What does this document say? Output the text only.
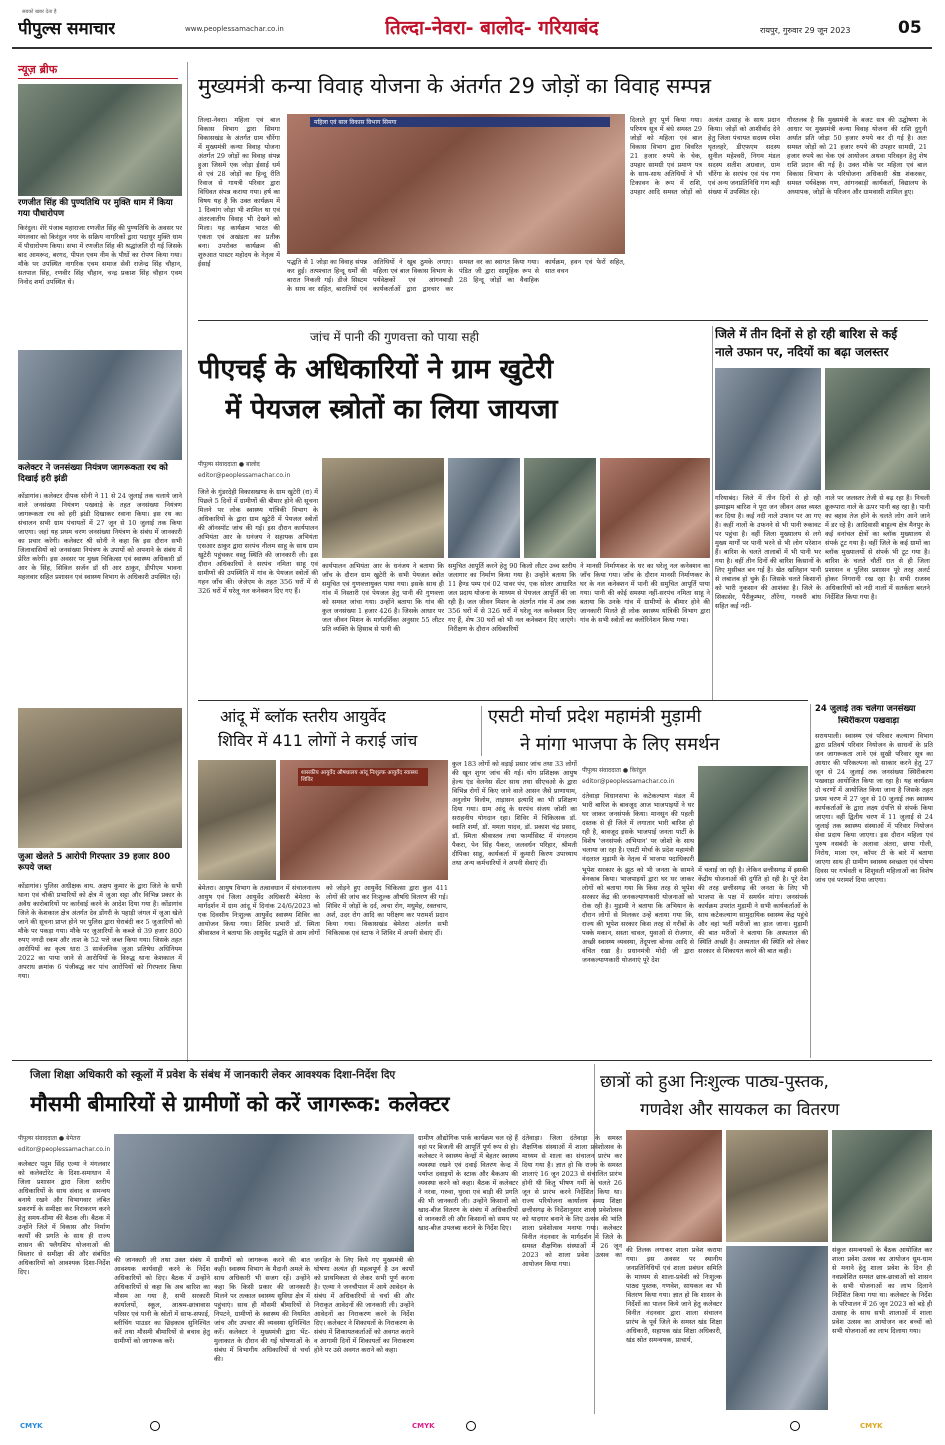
पीपुल्स समाचार
सबको खबर देता है
www.peoplessamachar.co.in	तिल्दा-नेवरा- बालोद- गरियाबंद	रायपुर, गुरुवार 29 जून 2023	05
न्यूज़ ब्रीफ
रणजीत सिंह की पुण्यतिथि पर मुक्ति धाम में किया गया पौधारोपण
किरंदुल। शेरे पंजाब महाराजा रणजीत सिंह की पुण्यतिथि के अवसर पर मंगलवार को किरंदुल नगर के सक्रिय नागरिकों द्वारा पदाधुर मुक्ति धाम में पौधारोपण किया। सभा में रणजीत सिंह की श्रद्धांजलि दी गई जिसके बाद आमरूद, बरगद, पीपल एवम नीम के पौधों का रोपण किया गया। मौके पर उपस्थित नागरिक एवम समाज सेवी राजेन्द्र सिंह चौहान, सतपाल सिंह, रणवीर सिंह चौहान, चन्द्र प्रकाश सिंह चौहान एवम निनोद शर्मा उपस्थित थे।
कलेक्टर ने जनसंख्या नियंत्रण जागरूकता रथ को दिखाई हरी झंडी
कोंडागांव। कलेक्टर दीपक सोनी ने 11 से 24 जुलाई तक चलाये जाने वाले जनसंख्या नियंत्रण पखवाड़े के तहत जनसंख्या नियंत्रण जागरूकता रथ को हरी झंडी दिखाकर रवाना किया। इस रथ का संचालन सभी ग्राम पंचायतों में 27 जून से 10 जुलाई तक किया जाएगा। जहां यह प्रथम चरण जनसंख्या नियंत्रण के संबंध में जानकारी का प्रचार करेगी। कलेक्टर श्री सोनी ने कहा कि इस दौरान सभी जिलावासियों को जनसंख्या नियंत्रण के उपायों को अपनाने के संबंध में प्रेरित करेगी। इस अवसर पर मुख्य चिकित्सा एवं स्वास्थ्य अधिकारी डॉ आर के सिंह, सिविल सर्जन डॉ सी आर ठाकुर, डीपीएम भावना महलवार सहित प्रशासन एवं स्वास्थ्य विभाग के अधिकारी उपस्थित रहें।
जुआ खेलते 5 आरोपी गिरफ्तार 39 हजार 800 रूपये जब्त
कोंडागांव। पुलिस अधीक्षक वाय. अक्षय कुमार के द्वारा जिले के सभी थाना एवं चौकी प्रभारियों को क्षेत्र में जुआ सट्टा और विभिन्न प्रकार के अवैध कारोबारियों पर कार्रवाई करने के आदेश दिया गया है। कोंडागांव जिले के केशकाल क्षेत्र अंतर्गत देव डोंगरी के पहाड़ी जंगल में जुआ खेले जाने की सूचना प्राप्त होने पर पुलिस द्वारा घेराबंदी कर 5 जुआरियों को मौके पर पकड़ा गया। मौके पर जुआरियों के कब्जे से 39 हजार 800 रुपए नगदी रकम और ताश के 52 पत्ते जब्त किया गया। जिसके तहत आरोपियों का कृत्य धारा 3 सार्वजनिक जुआ प्रतिषेध अधिनियम 2022 का पाया जाने से आरोपियों के विरुद्ध थाना केशकाल में अपराध क्रमांक 6 पंजीबद्ध कर पांच आरोपियों को गिरफ्तार किया गया।
मुख्यमंत्री कन्या विवाह योजना के अंतर्गत 29 जोड़ों का विवाह सम्पन्न
तिल्दा-नेवरा। महिला एवं बाल विकास विभाग द्वारा सिमगा विकासखंड के अंतर्गत ग्राम चौरेंगा में मुख्यमंत्री कन्या विवाह योजना अंतर्गत 29 जोड़ों का विवाह संपन्न हुआ जिसमें एक जोड़ा ईसाई धर्म से एवं 28 जोड़ों का हिन्दू रीति रिवाज से गायत्री परिवार द्वारा विधिवत संपन्न कराया गया। हर्ष का विषय यह है कि उक्त कार्यक्रम में 1 दिव्यांग जोड़ा भी शामिल था एवं अंतरजातीय विवाह भी देखने को मिला। यह कार्यक्रम भारत की एकता एवं अखंडता का प्रतीक बना। उपरोक्त कार्यक्रम की शुरुआत पास्टर महोदय के नेतृत्व में ईसाई
महिला एवं बाल विकास विभाग सिमगा
पद्धति से 1 जोड़ा का विवाह संपन्न कर हुई। तत्पश्चात हिन्दू धर्मों की बारात निकली गई। डीजे सिस्टम के साथ वर सहित, बारातियों एवं अतिथियों ने खूब ठुमके लगाए। महिला एवं बाल विकास विभाग के पर्यवेक्षकों एवं आंगनबाड़ी कार्यकर्ताओं द्वारा द्वारचार कर समस्त वर का स्वागत किया गया। पंडित जी द्वारा सामूहिक रूप से 28 हिन्दू जोड़ों का वैवाहिक कार्यक्रम, हवन एवं फेरों सहित, सात वचन
दिलाते हुए पूर्ण किया गया। परिणय सूत्र में बंधे समस्त 29 जोड़ों को महिला एवं बाल विकास विभाग द्वारा विवरित 21 हजार रुपये के चेक, उपहार सामग्री एवं प्रमाण पत्र के साथ-साथ अतिथियों ने भी टिकावन के रूप में राशि, उपहार आदि समस्त जोड़ों को अत्यंत उत्साह के साथ प्रदान किया। जोड़ों को आशीर्वाद देने हेतु जिला पंचायत सदस्य रमेश घृतलहरे, डीएफएम सदस्य सुनील महेश्वरी, निगम मंडल सदस्य सतीश अग्रवाल, ग्राम चौरेंगा के सरपंच एवं पंच गण एवं अन्य जनप्रतिनिधि गण बड़ी संख्या में उपस्थित रहे।
गौरतलब है कि मुख्यमंत्री के बजट सत्र की उद्घोषणा के आधार पर मुख्यमंत्री कन्या विवाह योजना की राशि दुगुनी अर्थात प्रति जोड़ा 50 हजार रुपये कर दी गई है। अतः समस्त जोड़ों को 21 हजार रुपये की उपहार सामग्री, 21 हजार रुपये का चेक एवं आयोजन अथवा परिवहन हेतु शेष राशि प्रदान की गई है। उक्त मौके पर महिला एवं बाल विकास विभाग के परियोजना अधिकारी श्रेष्ठ शंकरकर, समस्त पर्यवेक्षक गण, आंगनबाड़ी कार्यकर्ता, विद्यालय के अध्यापक, जोड़ों के परिजन और ग्रामवासी शामिल हुए।
जांच में पानी की गुणवत्ता को पाया सही
पीएचई के अधिकारियों ने ग्राम खुटेरी
में पेयजल स्त्रोतों का लिया जायजा
पीपुल्स संवाददाता ● बालोद
editor@peoplessamachar.co.in
जिले के गुंडरदेही विकासखण्ड के ग्राम खुटेरी (रा) में पिछले 5 दिनों में ग्रामीणों की बीमार होने की सूचना मिलने पर लोक स्वास्थ्य यांत्रिकी विभाग के अधिकारियों के द्वारा ग्राम खुटेरी में पेयजल स्त्रोतों की ऑनस्पॉट जांच की गई। इस दौरान कार्यपालन अभियंता आर के धनंजय ने सहायक अभियंता एसआर ठाकुर द्वारा सरपंच नीलम साहू के साथ ग्राम खुटेरी पहुंचकर वस्तु स्थिति की जानकारी ली। इस दौरान अधिकारियों ने सरपंच नमिता साहू एवं ग्रामीणों की उपस्थिति में गांव के पेयजल स्त्रोतों की गहन जाँच की। जेजेएम के तहत 356 घरों में से 326 घरों में घरेलू नल कनेक्शन दिए गए हैं।
कार्यपालन अभियंता आर के धनंजय ने बताया कि जाँच के दौरान ग्राम खुटेरी के सभी पेयजल स्त्रोत समुचित एवं गुणवत्तायुक्त पाया गया। इसके साथ ही गांव में निस्तारी एवं पेयजल हेतु पानी की गुणवत्ता को समस्त जांचा गया। उन्होंने बताया कि गांव की कुल जनसंख्या 1 हजार 426 है। जिसके आधार पर जल जीवन मिशन के मार्गदर्शिका अनुसार 55 लीटर प्रति व्यक्ति के हिसाब से पानी की
समुचित आपूर्ति करने हेतु 90 किलो लीटर उच्च स्तरीय जलागार का निर्माण किया गया है। उन्होंने बताया कि 11 हैण्ड पम्प एवं 02 पावर पंप, एक सोलर आधारित जल प्रदाय योजना के माध्यम से पेयजल आपूर्ति की जा रही है। जल जीवन मिशन के अंतर्गत गांव में अब तक 356 घरों में से 326 घरों में घरेलू नल कनेक्शन दिए गए हैं, शेष 30 घरों को भी नल कनेक्शन दिए जाएंगे। निरीक्षण के दौरान अधिकारियों
ने मानसी निर्माणकर के घर का घरेलू नल कनेक्शन का जाँच किया गया। जाँच के दौरान मानसी निर्माणकर के घर के नल कनेक्शन में पानी की समुचित आपूर्ति पाया गया। पानी की कोई समस्या नहीं-सरपंच नमिता साहू ने बताया कि उनके गांव में ग्रामीणों के बीमार होने की जानकारी मिलते ही लोक स्वास्थ्य यांत्रिकी विभाग द्वारा गांव के सभी स्त्रोतों का क्लोरिनेशन किया गया।
जिले में तीन दिनों से हो रही बारिश से कई
नाले उफान पर, नदियों का बढ़ा जलस्तर
गरियाबंद। जिले में तीन दिनों से हो रही झमाझम बारिश ने पूरा जन जीवन अस्त व्यस्त कर दिया है। कई नदी नाले उफान पर आ गए है। कहीं नालों के उफनने से भी पानी रुकावट पर पहुंचा है। वहीं जिला मुख्यालय से लगे मुख्य मार्गों पर पानी भरने से भी लोग परेशान हैं। बारिश के चलते तालाबों में भी पानी भर गया है। वहीं तीन दिनों की बारिश किसानों के लिए मुसीबत बन गई है। खेत खलिहान पानी से लबालब हो चुके हैं। जिसके चलते किसानों को भारी नुकसान की आशंका है। जिले के सिकासेर, पैरीकुम्भर, तौरेंगा, गनवरी बांध सहित कई नदी-
नाले पर जलस्तर तेजी से बढ़ रहा है। निचली क्रूरूपारा नाले के ऊपर पानी बह रहा है। पानी का बहाव तेज होने के चलते लोग आने जाने में डर रहे है। आदिवासी बाहुल्य क्षेत्र मैनपुर के कई वनांचल क्षेत्रों का ब्लॉक मुख्यालय से संपर्क टूट गया है। वहीं जिले के कई ग्रामों का ब्लॉक मुख्यालयों से संपर्क भी टूट गया है। बारिश के चलते चौतीं रात से ही जिला प्रशासन व पुलिस प्रशासन पूरे तरह अलर्ट होकर निगरानी रख रहा है। सभी राजस्व अधिकारियों को नदी नालों में सतर्कता बरतने निर्देशित किया गया है।
24 जुलाई तक चलेगा जनसंख्या
स्थिरीकरण पखवाड़ा
सरायपाली। स्वास्थ्य एवं परिवार कल्याण विभाग द्वारा प्रतिवर्ष परिवार नियोजन के साधनों के प्रति जन जागरूकता लाने एवं सुखी परिवार सूत्र का आधार की परिकल्पना को साकार करने हेतु 27 जून से 24 जुलाई तक जनसंख्या स्थिरीकरण पखवाड़ा आयोजित किया जा रहा है। यह कार्यक्रम दो चरणों में आयोजित किया जाना है जिसके तहत प्रथम चरण में 27 जून से 10 जुलाई तक स्वास्थ्य कार्यकर्ताओं के द्वारा लक्ष्य दंपत्ति से संपर्क किया जाएगा। वहीं द्वितीय चरण में 11 जुलाई से 24 जुलाई तक स्वास्थ्य संस्थाओं में परिवार नियोजन सेवा प्रदाय किया जाएगा। इस दौरान महिला एवं पुरुष नसबंदी के अलावा अंतरा, छाया गोली, निरोध, माला एन, कॉपर टी के बारे में बताया जाएगा साथ ही ग्रामीण स्वास्थ्य स्वच्छता एवं पोषण दिवस पर गर्भवती व शिशुवती महिलाओं का विशेष जांच एवं परामर्श दिया जाएगा।
आंदू में ब्लॉक स्तरीय आयुर्वेद
शिविर में 411 लोगों ने कराई जांच
शासकीय आयुर्वेद औषधालय आंदू निःशुल्क आयुर्वेद स्वास्थ्य शिविर
बेमेतरा। आयुष विभाग के तत्वावधान में संचालनालय आयुष एवं जिला आयुर्वेद अधिकारी बेमेतरा के मार्गदर्शन में ग्राम आंदू में दिनांक 24/6/2023 को एक दिवसीय निःशुल्क आयुर्वेद स्वास्थ्य शिविर का आयोजन किया गया। शिविर प्रभारी डॉ. स्मिता श्रीवास्तव ने बताया कि आयुर्वेद पद्धति से आम लोगों को जोड़ने हुए आयुर्वेद चिकित्सा द्वारा कुल 411 लोगों की जांच कर निःशुल्क औषधि वितरण की गई। शिविर में जोड़ों के दर्द, त्वचा रोग, मधुमेह, रक्तचाप, अर्श, उदर रोग आदि का परीक्षण कर परामर्श प्रदान किया गया। विकासखंड बेमेतरा अंतर्गत सभी चिकित्सक एवं स्टाफ ने शिविर में अपनी सेवाएं दीं।
कुल 183 लोगों को वड़ाई प्रसार जांच तथा 33 लोगों की खून शुगर जांच की गई। योग प्रशिक्षक आयुष हेल्थ एंड वेलनेस सेंटर साथ तथा सीएचओ के द्वारा विभिन्न रोगों में किए जाने वाले आसन जैसे प्राणायाम, अनुलोम विलोम, ताड़ासन इत्यादि का भी प्रशिक्षण दिया गया। ग्राम आंदू के सरपंच संजय जोशी का सराहनीय योगदान रहा। शिविर में चिकित्सक डॉ. स्वाति शर्मा, डॉ. ममता यादव, डॉ. प्रकाश चंद्र प्रसाद, डॉ. स्मिता श्रीवास्तव तथा फार्मासिस्ट में मंगलराम पैकरा, पेन सिंह पैकरा, जलवर्धन परिहार, श्रीमती दीपिका साहू, कार्यकर्ता में कुमारी किरण उपाध्याय तथा अन्य कर्मचारियों ने अपनी सेवाएं दीं।
एसटी मोर्चा प्रदेश महामंत्री मुड़ामी
ने मांगा भाजपा के लिए समर्थन
पीपुल्स संवाददाता ● किरंदुल
editor@peoplessamachar.co.in
दंतेवाड़ा विधानसभा के कटेकल्याण मंडल में भारी बारिश के बावजूद आज भाजपाइयों ने घर घर जाकर जनसंपर्क किया। मानसून की पहली दस्तक से ही जिले में लगातार भारी बारिश हो रही है, बावजूद इसके भाजपाई जनता पार्टी के विशेष 'जनसंपर्क अभियान' पर जोशो के साथ चलाया जा रहा है। एसटी मोर्चा के प्रदेश महामंत्री नंदलाल मुड़ामी के नेतृत्व में भाजपा पदाधिकारी
भूपेश सरकार के झूठ को भी जनता के सामने बेनकाब किया। भाजपाइयों द्वारा घर घर जाकर लोगों को बताया गया कि किस तरह से भूपेश सरकार केंद्र की जनकल्याणकारी योजनाओं को रोक रही है। मुड़ामी ने बताया कि अभियान के दौरान लोगों से मिलकर उन्हें बताया गया कि, राज्य की भूपेश सरकार किस तरह से गरीबों के पक्के मकान, सस्ता चावल, युवाओं से रोजगार, अच्छी स्वास्थ्य व्यवस्था, तेंदूपत्ता बोनस आदि से वंचित रखा है। प्रधानमंत्री मोदी जी द्वारा जनकल्याणकारी योजनाएं पूरे देश
में चलाई जा रही है। लेकिन छत्तीसगढ़ में इसकी केंद्रीय योजनाओं की दुर्गति हो रही है। पूरे देश की तरह छत्तीसगढ़ की जनता के लिए भी भाजपा के पक्ष में समर्थन मांगा। जनसंपर्क कार्यक्रम उपरांत मुड़ामी ने सभी कार्यकर्ताओं के साथ कटेकल्याण सामुदायिक स्वास्थ्य केंद्र पहुंचे और वहां भर्ती मरीजों का हाल जाना। मुड़ामी की बात मरीजों ने बताया कि अस्पताल की स्थिति अच्छी है। अस्पताल की स्थिति को लेकर सरकार से शिकायत करने की बात कही।
जिला शिक्षा अधिकारी को स्कूलों में प्रवेश के संबंध में जानकारी लेकर आवश्यक दिशा-निर्देश दिए
मौसमी बीमारियों से ग्रामीणों को करें जागरूक: कलेक्टर
पीपुल्स संवाददाता ● बेमेतरा
editor@peoplessamachar.co.in
कलेक्टर पदुम सिंह एल्मा ने मंगलवार को कलेक्टोरेट के दिशा-समाधान में जिला प्रशासन द्वारा जिला स्तरीय अधिकारियों के साथ संवाद व समन्वय बनाये रखने और विभागवार लंबित प्रकरणों के समीक्षा कर निराकरण करने हेतु समय-सीमा की बैठक ली। बैठक में उन्होंने जिले में विकास और निर्माण कार्यों की प्रगति के साथ ही राज्य शासन की फ्लैगशिप योजनाओं की विस्तार से समीक्षा की और संबंधित अधिकारियों को आवश्यक दिशा-निर्देश दिए।
की जानकारी ली तथा उक्त संबंध में आवश्यक कार्यवाही करने के निर्देश अधिकारियों को दिए। बैठक में उन्होंने अधिकारियों से कहा कि अब बारिश का मौसम आ गया है, सभी सरकारी कार्यालयों, स्कूल, आश्रम-छात्रावास परिसर एवं पानी के स्रोतों में साफ-सफाई, ब्लीचिंग पाउडर का छिड़काव सुनिश्चित करें तथा मौसमी बीमारियों से बचाव हेतु ग्रामीणों को जागरूक करें।
ग्रामीणों को जागरूक करने की बात कही। स्वास्थ्य विभाग के मैदानी अमले के साथ अधिकारी भी सजग रहें। उन्होंने कहा कि किसी प्रकार की जानकारी मिलने पर तत्काल स्वास्थ्य सुविधा क्षेत्र में पहुंचाएं। साथ ही मौसमी बीमारियों से निपटने, ग्रामीणों के स्वास्थ्य की नियमित जांच और उपचार की व्यवस्था सुनिश्चित करें। कलेक्टर ने मुख्यमंत्री द्वारा भेंट-मुलाकात के दौरान की गई घोषणाओं के संबंध में विभागीय अधिकारियों से चर्चा की।
जनहित के लिए किये गए मुख्यमंत्री की घोषणा अत्यंत ही महत्वपूर्ण है उन कार्यों को प्राथमिकता से लेकर सभी पूर्ण करना है। एल्मा ने जनचौपाल में आये आवेदन के संबंध में अधिकारियों से चर्चा की और निराकृत आवेदनों की जानकारी ली। उन्होंने आवेदनों का निराकरण करने के निर्देश दिए। कलेक्टर ने शिकायतों के निराकरण के संबंध में शिकायतकर्ताओं को अवगत कराने व आगामी दिनों में शिकायतों का निराकरण होने पर उसे अवगत कराने को कहा।
ग्रामीण औद्योगिक पार्क कार्यक्रम चल रहे हैं वहां पर बिजली की आपूर्ति पूर्ण रूप से हो। कलेक्टर ने स्वास्थ्य केन्द्रों में बेहतर स्वास्थ्य व्यवस्था रखने एवं दवाई वितरण केन्द्र में पर्याप्त दवाइयों के स्टाक और बैकअप की व्यवस्था करने को कहा। बैठक में कलेक्टर ने नरवा, गरुवा, घुरवा एवं बाड़ी की प्रगति की भी जानकारी ली। उन्होंने किसानों को खाद-बीज वितरण के संबंध में अधिकारियों से जानकारी ली और किसानों को समय पर खाद-बीज उपलब्ध कराने के निर्देश दिए।
छात्रों को हुआ निःशुल्क पाठ्य-पुस्तक,
गणवेश और सायकल का वितरण
दंतेवाड़ा। जिला दंतेवाड़ा के समस्त शैक्षणिक संस्थाओं में शाला प्रवेशोत्सव के माध्यम से शाला का संचालन प्रारंभ कर दिया गया है। ज्ञात हो कि राज्य के समस्त शालाएं 16 जून 2023 से संचालित प्रारंभ होनी थी किंतु भीषण गर्मी के चलते 26 जून से प्रारंभ करने निर्देशित किया था। राज्य परियोजना कार्यालय समग्र शिक्षा छत्तीसगढ़ के निर्देशानुसार शाला प्रवेशोत्सव को यादगार बनाने के लिए उत्सव की भांति शाला प्रवेशोत्सव मनाया गया। कलेक्टर विनीत नंदनवार के मार्गदर्शन में जिले के समस्त शैक्षणिक संस्थाओं में 26 जून 2023 को शाला प्रवेश उत्सव का आयोजन किया गया।
की तिलक लगाकर शाला प्रवेश कराया गया। इस अवसर पर स्थानीय जनप्रतिनिधियों एवं शाला प्रबंधन समिति के माध्यम से शाला-प्रवेशी को निःशुल्क पाठ्य पुस्तक, गणवेश, सायकल का भी वितरण किया गया। ज्ञात हो कि शासन के निर्देशों का पालन किये जाने हेतु कलेक्टर विनीत नंदनवार द्वारा शाला संचालन प्रारंभ के पूर्व जिले के समस्त खंड शिक्षा अधिकारी, सहायक खंड शिक्षा अधिकारी, खंड स्रोत समन्वयक, प्राचार्य,
संकुल समन्वयकों के बैठक आयोजित कर शाला प्रवेश उत्सव का आयोजन धूम-धाम से मनाने हेतु शाला प्रवेश के दिन ही नवप्रवेशित समस्त छात्र-छात्राओं को शासन के सभी योजनाओं का लाभ दिलाने निर्देशित किया गया था। कलेक्टर के निर्देश के परिपालन में 26 जून 2023 को बड़े ही उत्साह के साथ सभी शालाओं में शाला प्रवेश उत्सव का आयोजन कर बच्चों को सभी योजनाओं का लाभ दिलाया गया।
CMYK	CMYK	CMYK
